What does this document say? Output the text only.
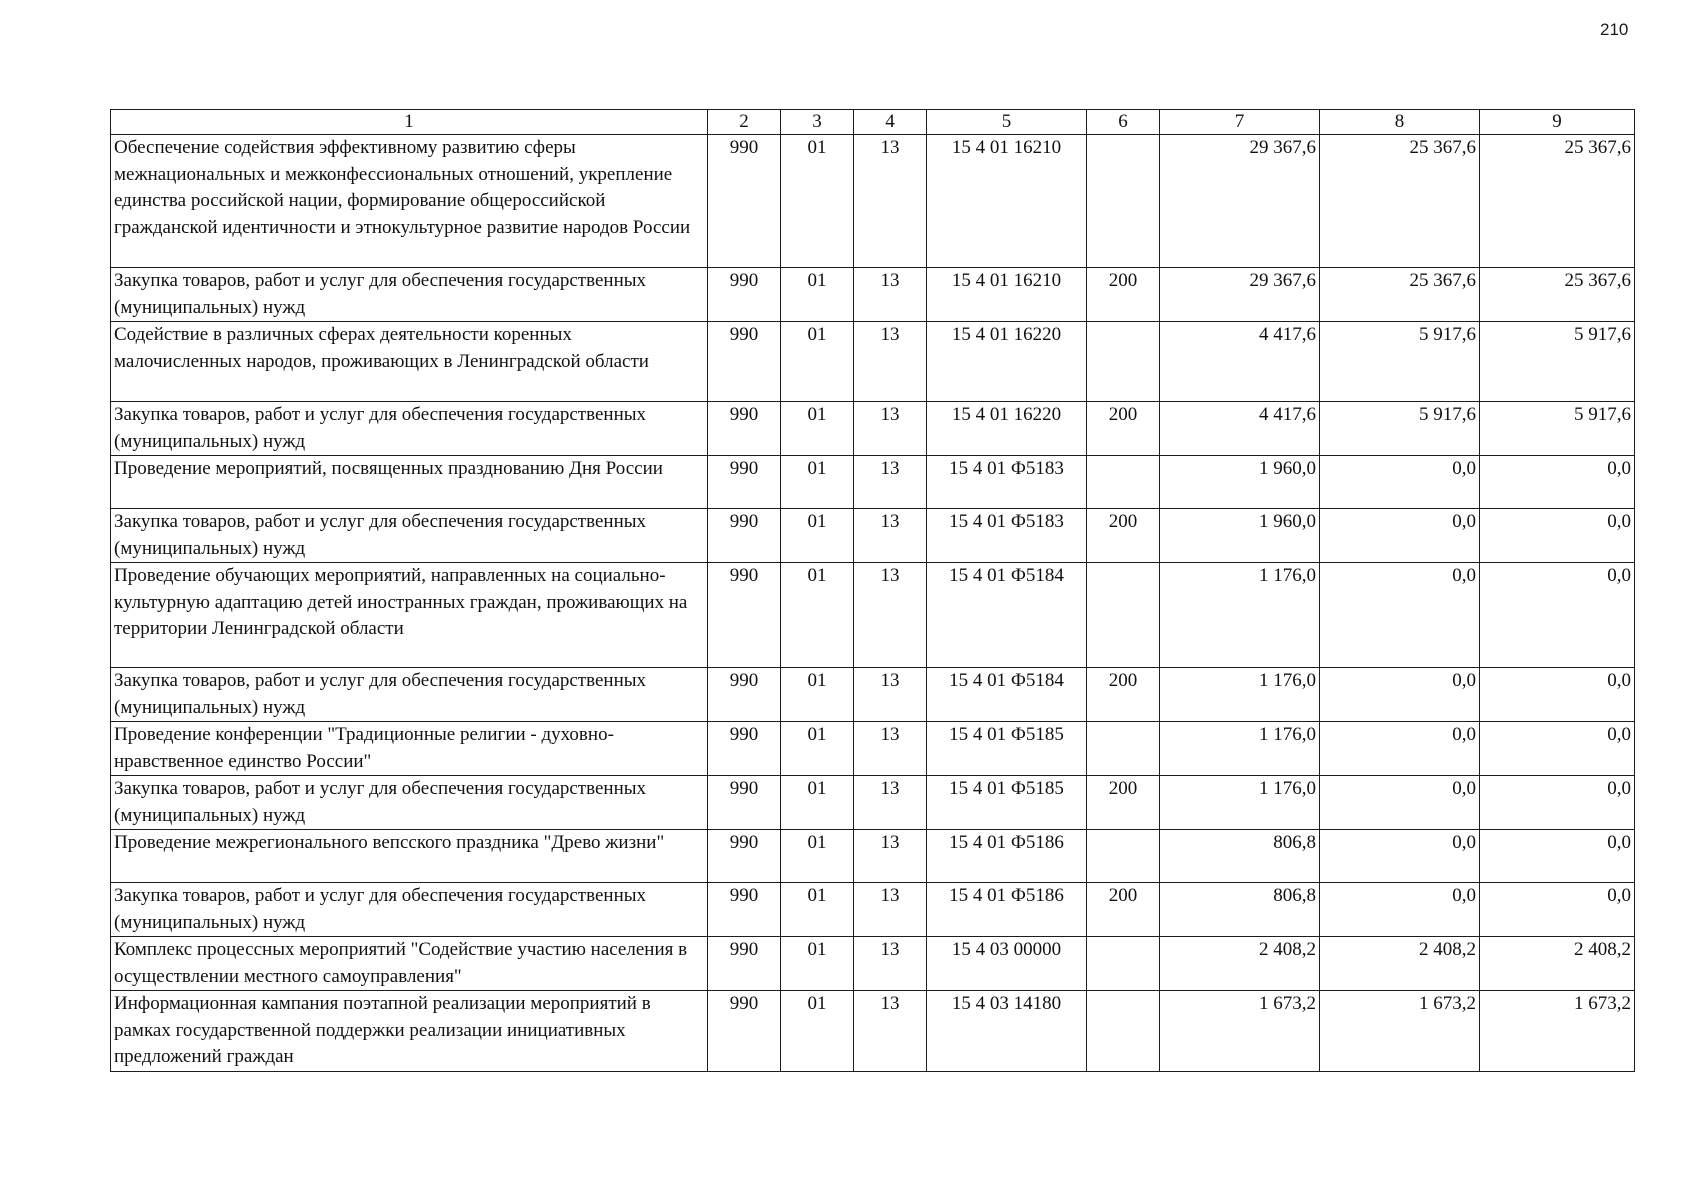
210
1	2	3	4	5	6	7	8	9
Обеспечение содействия эффективному развитию сферы межнациональных и межконфессиональных отношений, укрепление единства российской нации, формирование общероссийской гражданской идентичности и этнокультурное развитие народов России	990	01	13	15 4 01 16210		29 367,6	25 367,6	25 367,6
Закупка товаров, работ и услуг для обеспечения государственных (муниципальных) нужд	990	01	13	15 4 01 16210	200	29 367,6	25 367,6	25 367,6
Содействие в различных сферах деятельности коренных малочисленных народов, проживающих в Ленинградской области	990	01	13	15 4 01 16220		4 417,6	5 917,6	5 917,6
Закупка товаров, работ и услуг для обеспечения государственных (муниципальных) нужд	990	01	13	15 4 01 16220	200	4 417,6	5 917,6	5 917,6
Проведение мероприятий, посвященных празднованию Дня России	990	01	13	15 4 01 Ф5183		1 960,0	0,0	0,0
Закупка товаров, работ и услуг для обеспечения государственных (муниципальных) нужд	990	01	13	15 4 01 Ф5183	200	1 960,0	0,0	0,0
Проведение обучающих мероприятий, направленных на социально-культурную адаптацию детей иностранных граждан, проживающих на территории Ленинградской области	990	01	13	15 4 01 Ф5184		1 176,0	0,0	0,0
Закупка товаров, работ и услуг для обеспечения государственных (муниципальных) нужд	990	01	13	15 4 01 Ф5184	200	1 176,0	0,0	0,0
Проведение конференции "Традиционные религии - духовно-нравственное единство России"	990	01	13	15 4 01 Ф5185		1 176,0	0,0	0,0
Закупка товаров, работ и услуг для обеспечения государственных (муниципальных) нужд	990	01	13	15 4 01 Ф5185	200	1 176,0	0,0	0,0
Проведение межрегионального вепсского праздника "Древо жизни"	990	01	13	15 4 01 Ф5186		806,8	0,0	0,0
Закупка товаров, работ и услуг для обеспечения государственных (муниципальных) нужд	990	01	13	15 4 01 Ф5186	200	806,8	0,0	0,0
Комплекс процессных мероприятий "Содействие участию населения в осуществлении местного самоуправления"	990	01	13	15 4 03 00000		2 408,2	2 408,2	2 408,2
Информационная кампания поэтапной реализации мероприятий в рамках государственной поддержки реализации инициативных предложений граждан	990	01	13	15 4 03 14180		1 673,2	1 673,2	1 673,2
